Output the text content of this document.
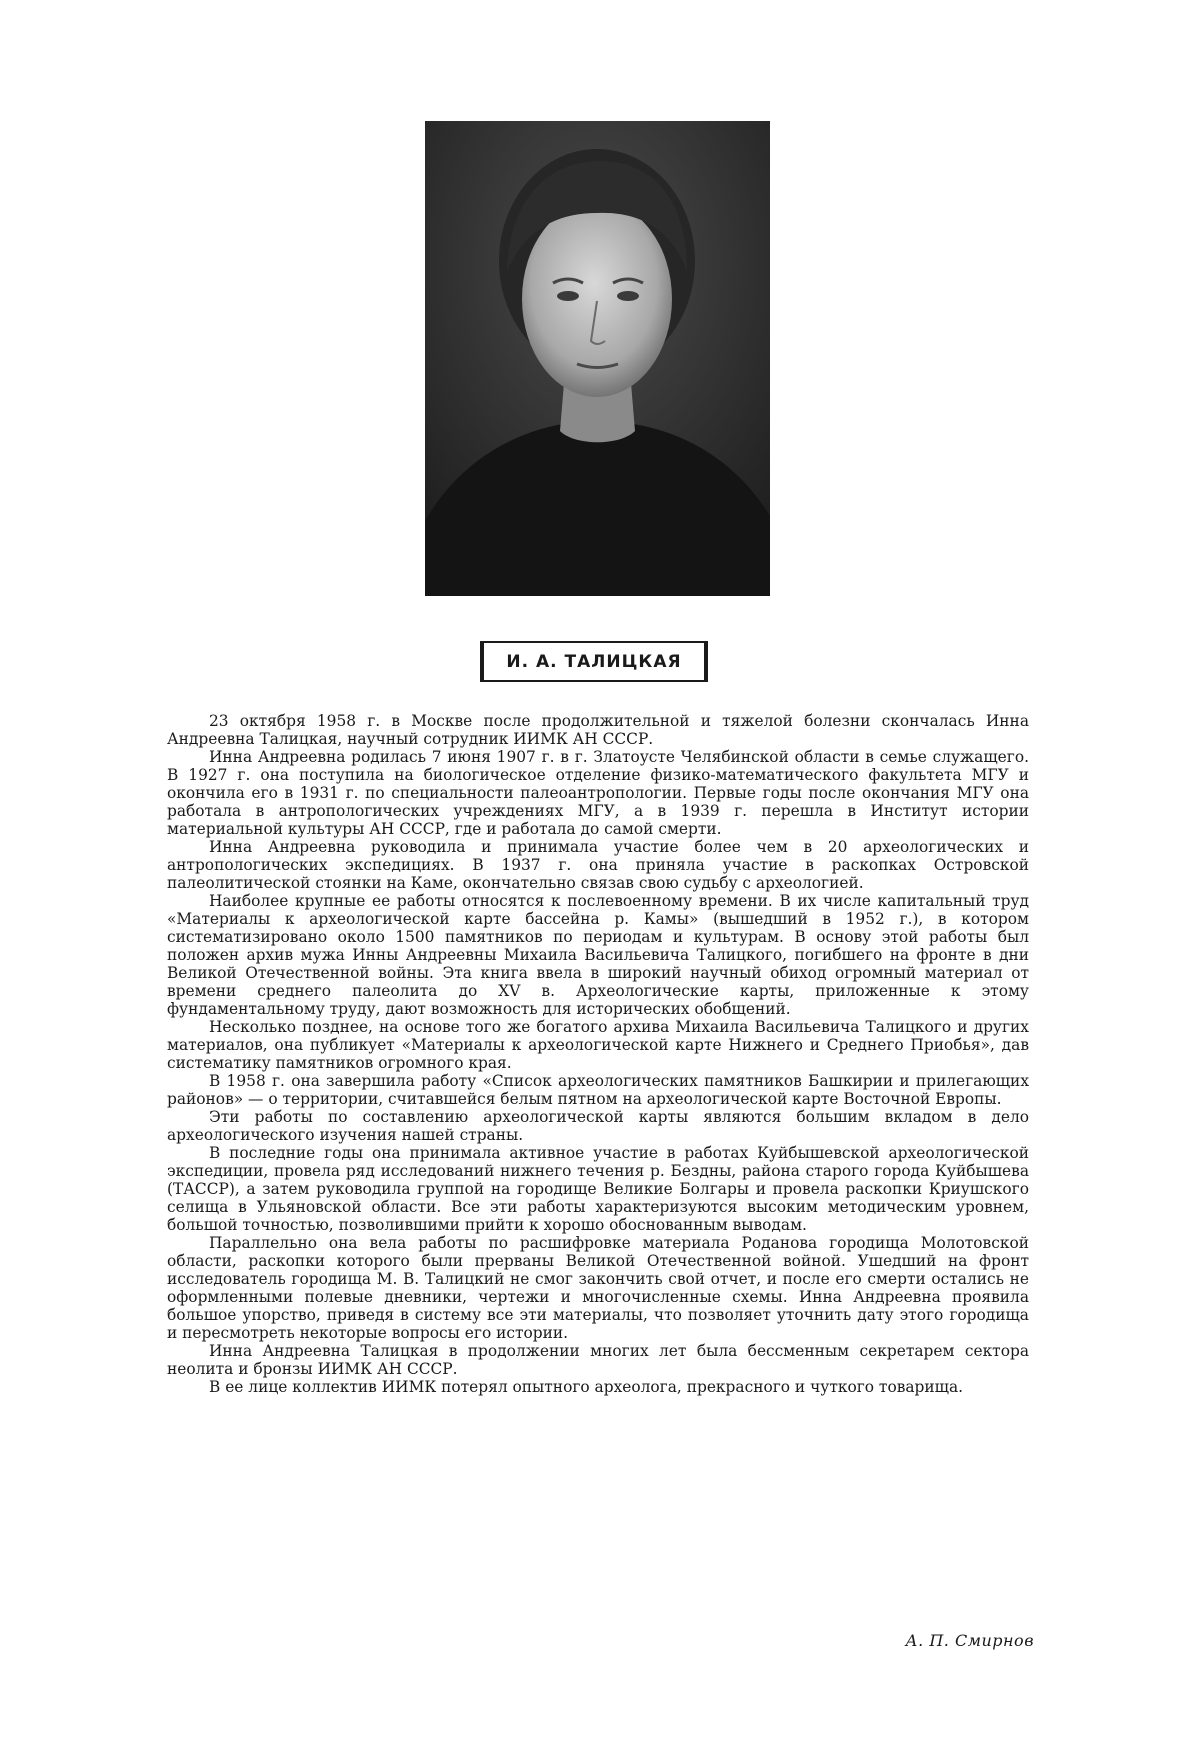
И. А. ТАЛИЦКАЯ

23 октября 1958 г. в Москве после продолжительной и тяжелой болезни скончалась Инна Андреевна Талицкая, научный сотрудник ИИМК АН СССР.

Инна Андреевна родилась 7 июня 1907 г. в г. Златоусте Челябинской области в семье служащего. В 1927 г. она поступила на биологическое отделение физико-математического факультета МГУ и окончила его в 1931 г. по специальности палеоантропологии. Первые годы после окончания МГУ она работала в антропологических учреждениях МГУ, а в 1939 г. перешла в Институт истории материальной культуры АН СССР, где и работала до самой смерти.

Инна Андреевна руководила и принимала участие более чем в 20 археологических и антропологических экспедициях. В 1937 г. она приняла участие в раскопках Островской палеолитической стоянки на Каме, окончательно связав свою судьбу с археологией.

Наиболее крупные ее работы относятся к послевоенному времени. В их числе капитальный труд «Материалы к археологической карте бассейна р. Камы» (вышедший в 1952 г.), в котором систематизировано около 1500 памятников по периодам и культурам. В основу этой работы был положен архив мужа Инны Андреевны Михаила Васильевича Талицкого, погибшего на фронте в дни Великой Отечественной войны. Эта книга ввела в широкий научный обиход огромный материал от времени среднего палеолита до XV в. Археологические карты, приложенные к этому фундаментальному труду, дают возможность для исторических обобщений.

Несколько позднее, на основе того же богатого архива Михаила Васильевича Талицкого и других материалов, она публикует «Материалы к археологической карте Нижнего и Среднего Приобья», дав систематику памятников огромного края.

В 1958 г. она завершила работу «Список археологических памятников Башкирии и прилегающих районов» — о территории, считавшейся белым пятном на археологической карте Восточной Европы.

Эти работы по составлению археологической карты являются большим вкладом в дело археологического изучения нашей страны.

В последние годы она принимала активное участие в работах Куйбышевской археологической экспедиции, провела ряд исследований нижнего течения р. Бездны, района старого города Куйбышева (ТАССР), а затем руководила группой на городище Великие Болгары и провела раскопки Криушского селища в Ульяновской области. Все эти работы характеризуются высоким методическим уровнем, большой точностью, позволившими прийти к хорошо обоснованным выводам.

Параллельно она вела работы по расшифровке материала Роданова городища Молотовской области, раскопки которого были прерваны Великой Отечественной войной. Ушедший на фронт исследователь городища М. В. Талицкий не смог закончить свой отчет, и после его смерти остались не оформленными полевые дневники, чертежи и многочисленные схемы. Инна Андреевна проявила большое упорство, приведя в систему все эти материалы, что позволяет уточнить дату этого городища и пересмотреть некоторые вопросы его истории.

Инна Андреевна Талицкая в продолжении многих лет была бессменным секретарем сектора неолита и бронзы ИИМК АН СССР.

В ее лице коллектив ИИМК потерял опытного археолога, прекрасного и чуткого товарища.

А. П. Смирнов
